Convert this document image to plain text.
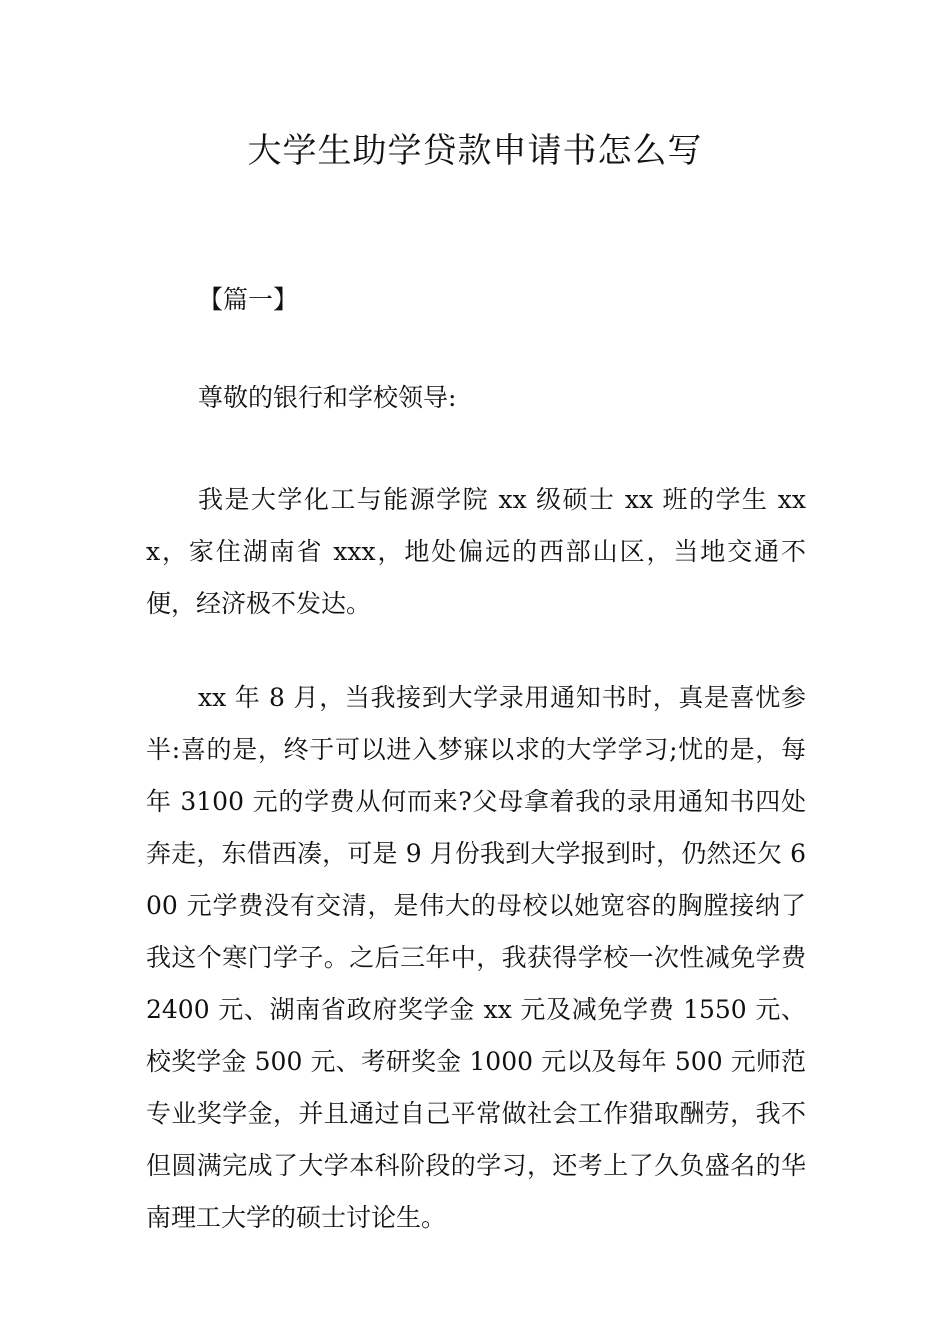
大学生助学贷款申请书怎么写
【篇一】
尊敬的银行和学校领导:

我是大学化工与能源学院 xx 级硕士 xx 班的学生 xxx，家住湖南省 xxx，地处偏远的西部山区，当地交通不便，经济极不发达。

xx 年 8 月，当我接到大学录用通知书时，真是喜忧参半:喜的是，终于可以进入梦寐以求的大学学习;忧的是，每年 3100 元的学费从何而来?父母拿着我的录用通知书四处奔走，东借西凑，可是 9 月份我到大学报到时，仍然还欠 600 元学费没有交清，是伟大的母校以她宽容的胸膛接纳了我这个寒门学子。之后三年中，我获得学校一次性减免学费 2400 元、湖南省政府奖学金 xx 元及减免学费 1550 元、校奖学金 500 元、考研奖金 1000 元以及每年 500 元师范专业奖学金，并且通过自己平常做社会工作猎取酬劳，我不但圆满完成了大学本科阶段的学习，还考上了久负盛名的华南理工大学的硕士讨论生。
